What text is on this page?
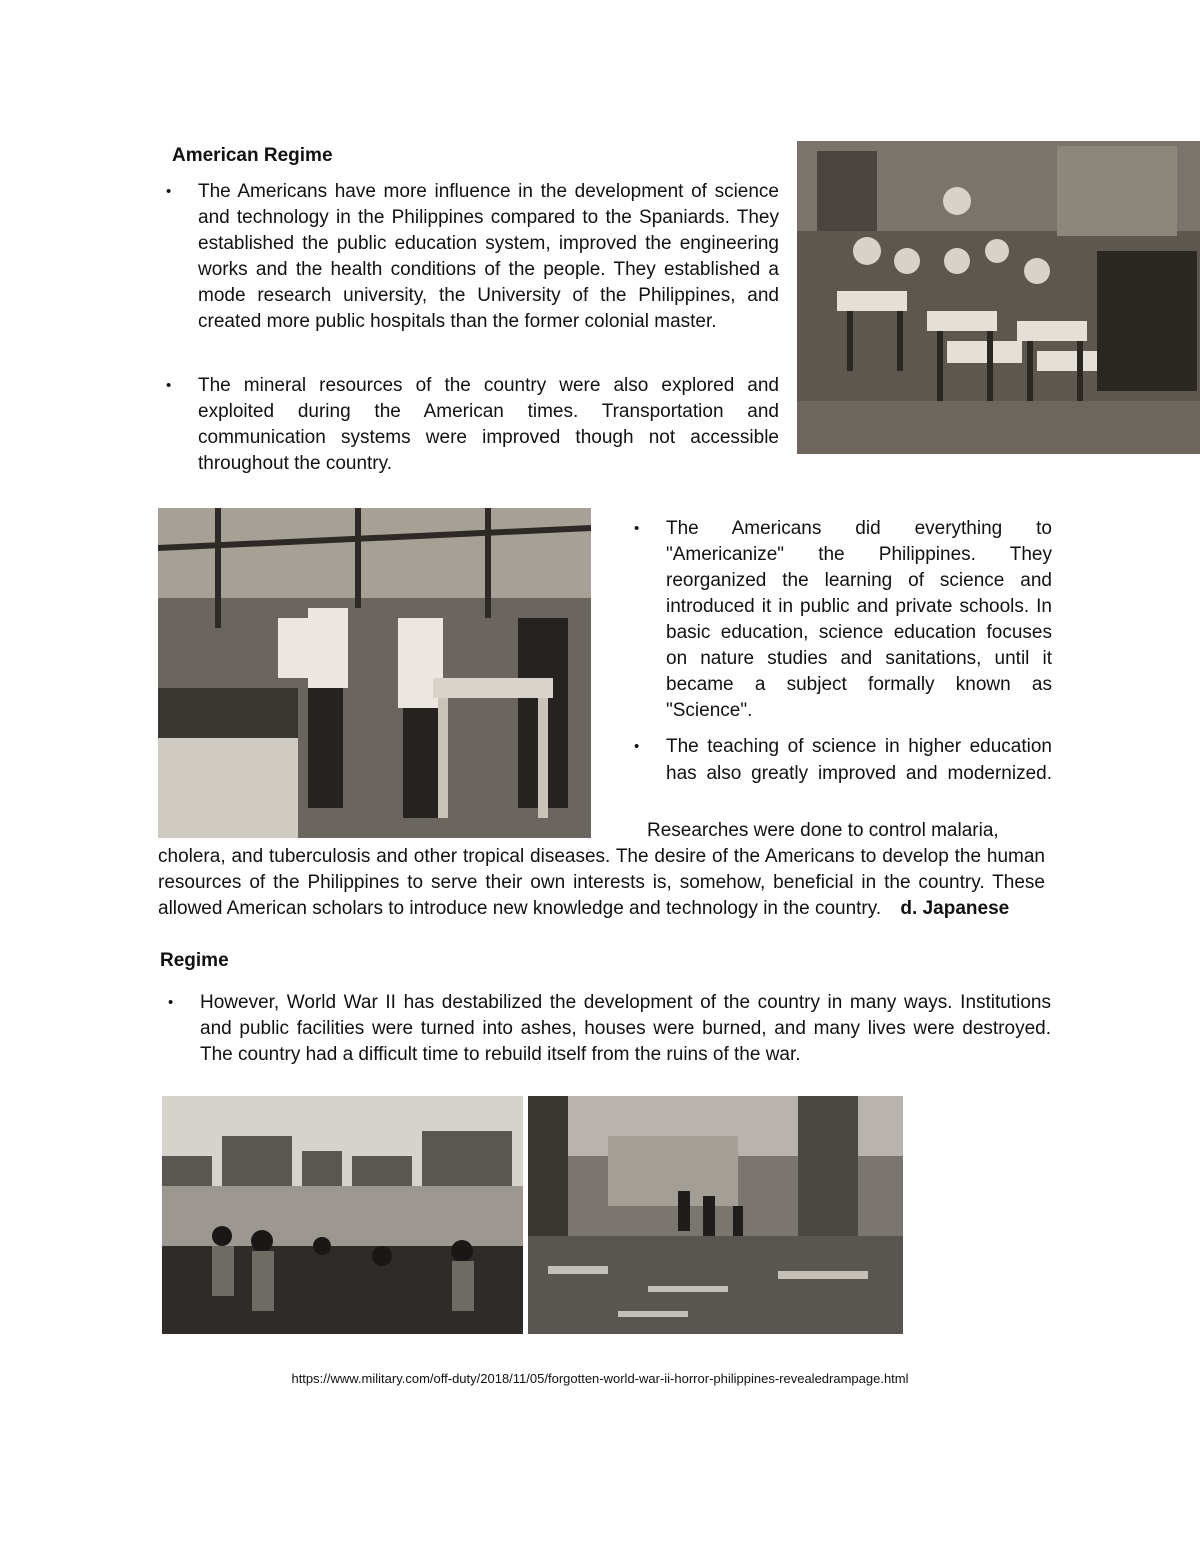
American Regime
• The Americans have more influence in the development of science and technology in the Philippines compared to the Spaniards. They established the public education system, improved the engineering works and the health conditions of the people. They established a mode research university, the University of the Philippines, and created more public hospitals than the former colonial master.
• The mineral resources of the country were also explored and exploited during the American times. Transportation and communication systems were improved though not accessible throughout the country.
• The Americans did everything to "Americanize" the Philippines. They reorganized the learning of science and introduced it in public and private schools. In basic education, science education focuses on nature studies and sanitations, until it became a subject formally known as "Science".
• The teaching of science in higher education has also greatly improved and modernized.
Researches were done to control malaria,
cholera, and tuberculosis and other tropical diseases. The desire of the Americans to develop the human resources of the Philippines to serve their own interests is, somehow, beneficial in the country. These allowed American scholars to introduce new knowledge and technology in the country. d. Japanese
Regime
• However, World War II has destabilized the development of the country in many ways. Institutions and public facilities were turned into ashes, houses were burned, and many lives were destroyed. The country had a difficult time to rebuild itself from the ruins of the war.
https://www.military.com/off-duty/2018/11/05/forgotten-world-war-ii-horror-philippines-revealedrampage.html
